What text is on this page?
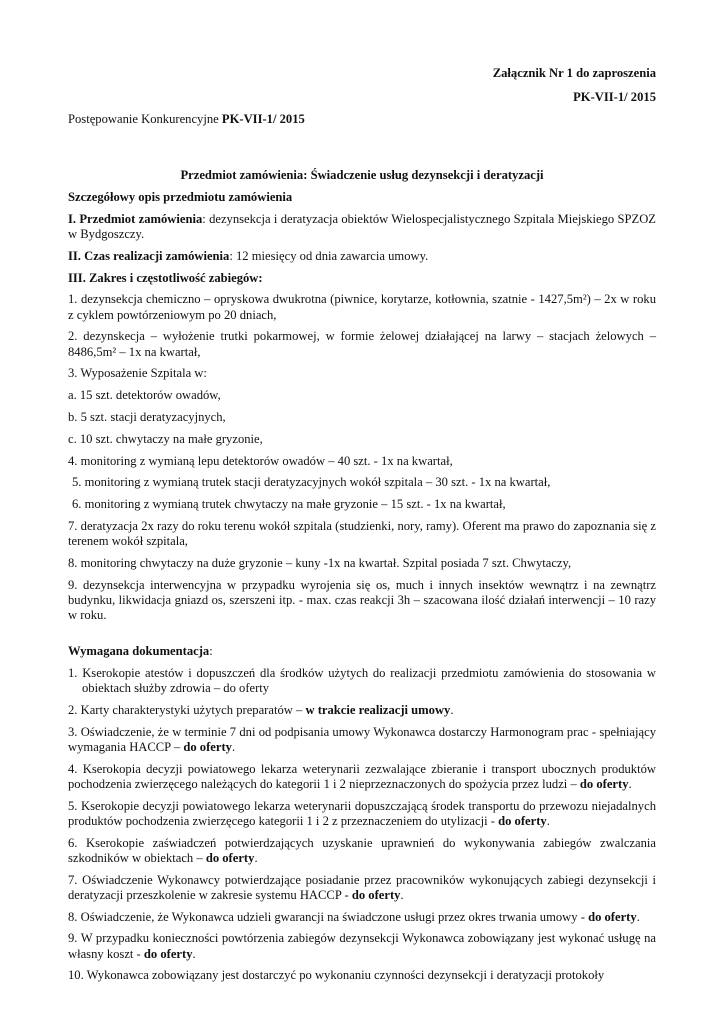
Załącznik Nr 1 do zaproszenia
PK-VII-1/ 2015
Postępowanie Konkurencyjne PK-VII-1/ 2015
Przedmiot zamówienia: Świadczenie usług dezynsekcji i deratyzacji

Szczegółowy opis przedmiotu zamówienia

I. Przedmiot zamówienia: dezynsekcja i deratyzacja obiektów Wielospecjalistycznego Szpitala Miejskiego SPZOZ w Bydgoszczy.

II. Czas realizacji zamówienia: 12 miesięcy od dnia zawarcia umowy.

III. Zakres i częstotliwość zabiegów:

1. dezynsekcja chemiczno – opryskowa dwukrotna (piwnice, korytarze, kotłownia, szatnie - 1427,5m²) – 2x w roku z cyklem powtórzeniowym po 20 dniach,

2. dezynskecja – wyłożenie trutki pokarmowej, w formie żelowej działającej na larwy – stacjach żelowych – 8486,5m² – 1x na kwartał,

3. Wyposażenie Szpitala w:

a. 15 szt. detektorów owadów,

b. 5 szt. stacji deratyzacyjnych,

c. 10 szt. chwytaczy na małe gryzonie,

4. monitoring z wymianą lepu detektorów owadów – 40 szt. - 1x na kwartał,

5. monitoring z wymianą trutek stacji deratyzacyjnych wokół szpitala – 30 szt. - 1x na kwartał,

6. monitoring z wymianą trutek chwytaczy na małe gryzonie – 15 szt. - 1x na kwartał,

7. deratyzacja 2x razy do roku terenu wokół szpitala (studzienki, nory, ramy). Oferent ma prawo do zapoznania się z terenem wokół szpitala,

8. monitoring chwytaczy na duże gryzonie – kuny -1x na kwartał. Szpital posiada 7 szt. Chwytaczy,

9. dezynsekcja interwencyjna w przypadku wyrojenia się os, much i innych insektów wewnątrz i na zewnątrz budynku, likwidacja gniazd os, szerszeni itp. - max. czas reakcji 3h – szacowana ilość działań interwencji – 10 razy w roku.

Wymagana dokumentacja:

1. Kserokopie atestów i dopuszczeń dla środków użytych do realizacji przedmiotu zamówienia do stosowania w obiektach służby zdrowia – do oferty

2. Karty charakterystyki użytych preparatów – w trakcie realizacji umowy.

3. Oświadczenie, że w terminie 7 dni od podpisania umowy Wykonawca dostarczy Harmonogram prac - spełniający wymagania HACCP – do oferty.

4. Kserokopia decyzji powiatowego lekarza weterynarii zezwalające zbieranie i transport ubocznych produktów pochodzenia zwierzęcego należących do kategorii 1 i 2 nieprzeznaczonych do spożycia przez ludzi – do oferty.

5. Kserokopie decyzji powiatowego lekarza weterynarii dopuszczającą środek transportu do przewozu niejadalnych produktów pochodzenia zwierzęcego kategorii 1 i 2 z przeznaczeniem do utylizacji - do oferty.

6. Kserokopie zaświadczeń potwierdzających uzyskanie uprawnień do wykonywania zabiegów zwalczania szkodników w obiektach – do oferty.

7. Oświadczenie Wykonawcy potwierdzające posiadanie przez pracowników wykonujących zabiegi dezynsekcji i deratyzacji przeszkolenie w zakresie systemu HACCP - do oferty.

8. Oświadczenie, że Wykonawca udzieli gwarancji na świadczone usługi przez okres trwania umowy - do oferty.

9. W przypadku konieczności powtórzenia zabiegów dezynsekcji Wykonawca zobowiązany jest wykonać usługę na własny koszt - do oferty.

10. Wykonawca zobowiązany jest dostarczyć po wykonaniu czynności dezynsekcji i deratyzacji protokoły
